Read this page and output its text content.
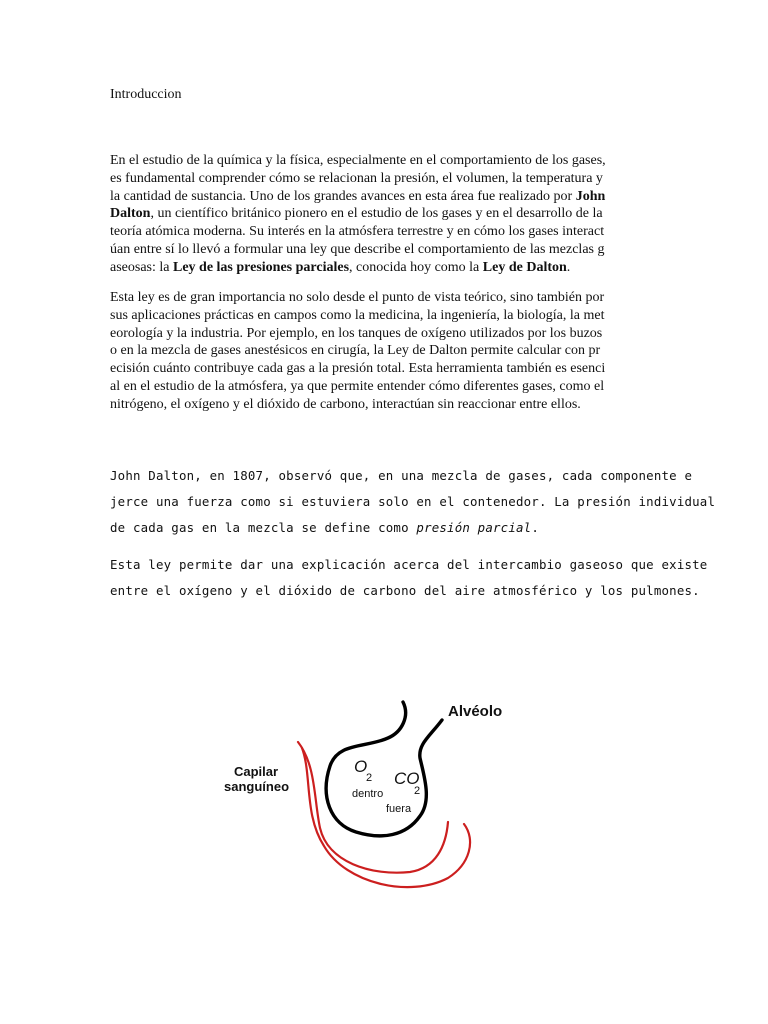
Introduccion
En el estudio de la química y la física, especialmente en el comportamiento de los gases,
es fundamental comprender cómo se relacionan la presión, el volumen, la temperatura y
la cantidad de sustancia. Uno de los grandes avances en esta área fue realizado por John
Dalton, un científico británico pionero en el estudio de los gases y en el desarrollo de la
teoría atómica moderna. Su interés en la atmósfera terrestre y en cómo los gases interact
úan entre sí lo llevó a formular una ley que describe el comportamiento de las mezclas g
aseosas: la Ley de las presiones parciales, conocida hoy como la Ley de Dalton.
Esta ley es de gran importancia no solo desde el punto de vista teórico, sino también por
sus aplicaciones prácticas en campos como la medicina, la ingeniería, la biología, la met
eorología y la industria. Por ejemplo, en los tanques de oxígeno utilizados por los buzos
o en la mezcla de gases anestésicos en cirugía, la Ley de Dalton permite calcular con pr
ecisión cuánto contribuye cada gas a la presión total. Esta herramienta también es esenci
al en el estudio de la atmósfera, ya que permite entender cómo diferentes gases, como el
nitrógeno, el oxígeno y el dióxido de carbono, interactúan sin reaccionar entre ellos.
John Dalton, en 1807, observó que, en una mezcla de gases, cada componente e
jerce una fuerza como si estuviera solo en el contenedor. La presión individual
de cada gas en la mezcla se define como presión parcial.
Esta ley permite dar una explicación acerca del intercambio gaseoso que existe
entre el oxígeno y el dióxido de carbono del aire atmosférico y los pulmones.
Alvéolo
Capilar
sanguíneo
O
2 CO
2
dentro
fuera
